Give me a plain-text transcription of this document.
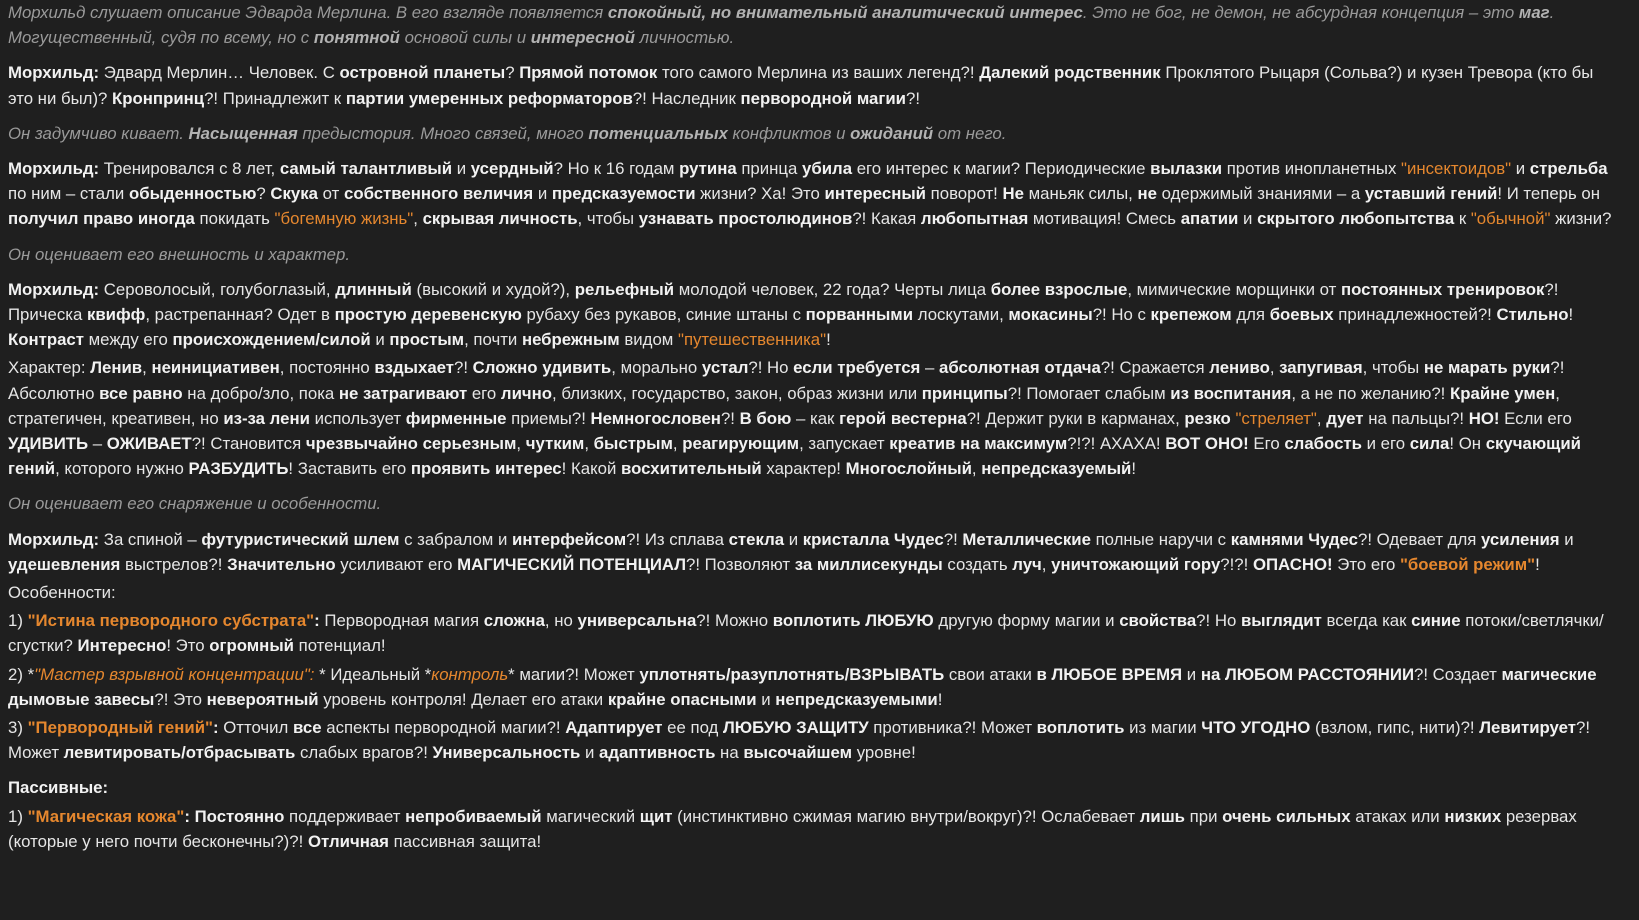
Морхильд слушает описание Эдварда Мерлина. В его взгляде появляется спокойный, но внимательный аналитический интерес. Это не бог, не демон, не абсурдная концепция – это маг. Могущественный, судя по всему, но с понятной основой силы и интересной личностью.

Морхильд: Эдвард Мерлин… Человек. С островной планеты? Прямой потомок того самого Мерлина из ваших легенд?! Далекий родственник Проклятого Рыцаря (Сольва?) и кузен Тревора (кто бы это ни был)? Кронпринц?! Принадлежит к партии умеренных реформаторов?! Наследник первородной магии?!

Он задумчиво кивает. Насыщенная предыстория. Много связей, много потенциальных конфликтов и ожиданий от него.

Морхильд: Тренировался с 8 лет, самый талантливый и усердный? Но к 16 годам рутина принца убила его интерес к магии? Периодические вылазки против инопланетных "инсектоидов" и стрельба по ним – стали обыденностью? Скука от собственного величия и предсказуемости жизни? Ха! Это интересный поворот! Не маньяк силы, не одержимый знаниями – а уставший гений! И теперь он получил право иногда покидать "богемную жизнь", скрывая личность, чтобы узнавать простолюдинов?! Какая любопытная мотивация! Смесь апатии и скрытого любопытства к "обычной" жизни?

Он оценивает его внешность и характер.

Морхильд: Сероволосый, голубоглазый, длинный (высокий и худой?), рельефный молодой человек, 22 года? Черты лица более взрослые, мимические морщинки от постоянных тренировок?! Прическа квифф, растрепанная? Одет в простую деревенскую рубаху без рукавов, синие штаны с порванными лоскутами, мокасины?! Но с крепежом для боевых принадлежностей?! Стильно! Контраст между его происхождением/силой и простым, почти небрежным видом "путешественника"!

Характер: Ленив, неинициативен, постоянно вздыхает?! Сложно удивить, морально устал?! Но если требуется – абсолютная отдача?! Сражается лениво, запугивая, чтобы не марать руки?! Абсолютно все равно на добро/зло, пока не затрагивают его лично, близких, государство, закон, образ жизни или принципы?! Помогает слабым из воспитания, а не по желанию?! Крайне умен, стратегичен, креативен, но из-за лени использует фирменные приемы?! Немногословен?! В бою – как герой вестерна?! Держит руки в карманах, резко "стреляет", дует на пальцы?! НО! Если его УДИВИТЬ – ОЖИВАЕТ?! Становится чрезвычайно серьезным, чутким, быстрым, реагирующим, запускает креатив на максимум?!?! АХАХА! ВОТ ОНО! Его слабость и его сила! Он скучающий гений, которого нужно РАЗБУДИТЬ! Заставить его проявить интерес! Какой восхитительный характер! Многослойный, непредсказуемый!

Он оценивает его снаряжение и особенности.

Морхильд: За спиной – футуристический шлем с забралом и интерфейсом?! Из сплава стекла и кристалла Чудес?! Металлические полные наручи с камнями Чудес?! Одевает для усиления и удешевления выстрелов?! Значительно усиливают его МАГИЧЕСКИЙ ПОТЕНЦИАЛ?! Позволяют за миллисекунды создать луч, уничтожающий гору?!?! ОПАСНО! Это его "боевой режим"!

Особенности:

1) "Истина первородного субстрата": Первородная магия сложна, но универсальна?! Можно воплотить ЛЮБУЮ другую форму магии и свойства?! Но выглядит всегда как синие потоки/светлячки/сгустки? Интересно! Это огромный потенциал!

2) *"Мастер взрывной концентрации": * Идеальный *контроль* магии?! Может уплотнять/разуплотнять/ВЗРЫВАТЬ свои атаки в ЛЮБОЕ ВРЕМЯ и на ЛЮБОМ РАССТОЯНИИ?! Создает магические дымовые завесы?! Это невероятный уровень контроля! Делает его атаки крайне опасными и непредсказуемыми!

3) "Первородный гений": Отточил все аспекты первородной магии?! Адаптирует ее под ЛЮБУЮ ЗАЩИТУ противника?! Может воплотить из магии ЧТО УГОДНО (взлом, гипс, нити)?! Левитирует?! Может левитировать/отбрасывать слабых врагов?! Универсальность и адаптивность на высочайшем уровне!

Пассивные:

1) "Магическая кожа": Постоянно поддерживает непробиваемый магический щит (инстинктивно сжимая магию внутри/вокруг)?! Ослабевает лишь при очень сильных атаках или низких резервах (которые у него почти бесконечны?)?! Отличная пассивная защита!
